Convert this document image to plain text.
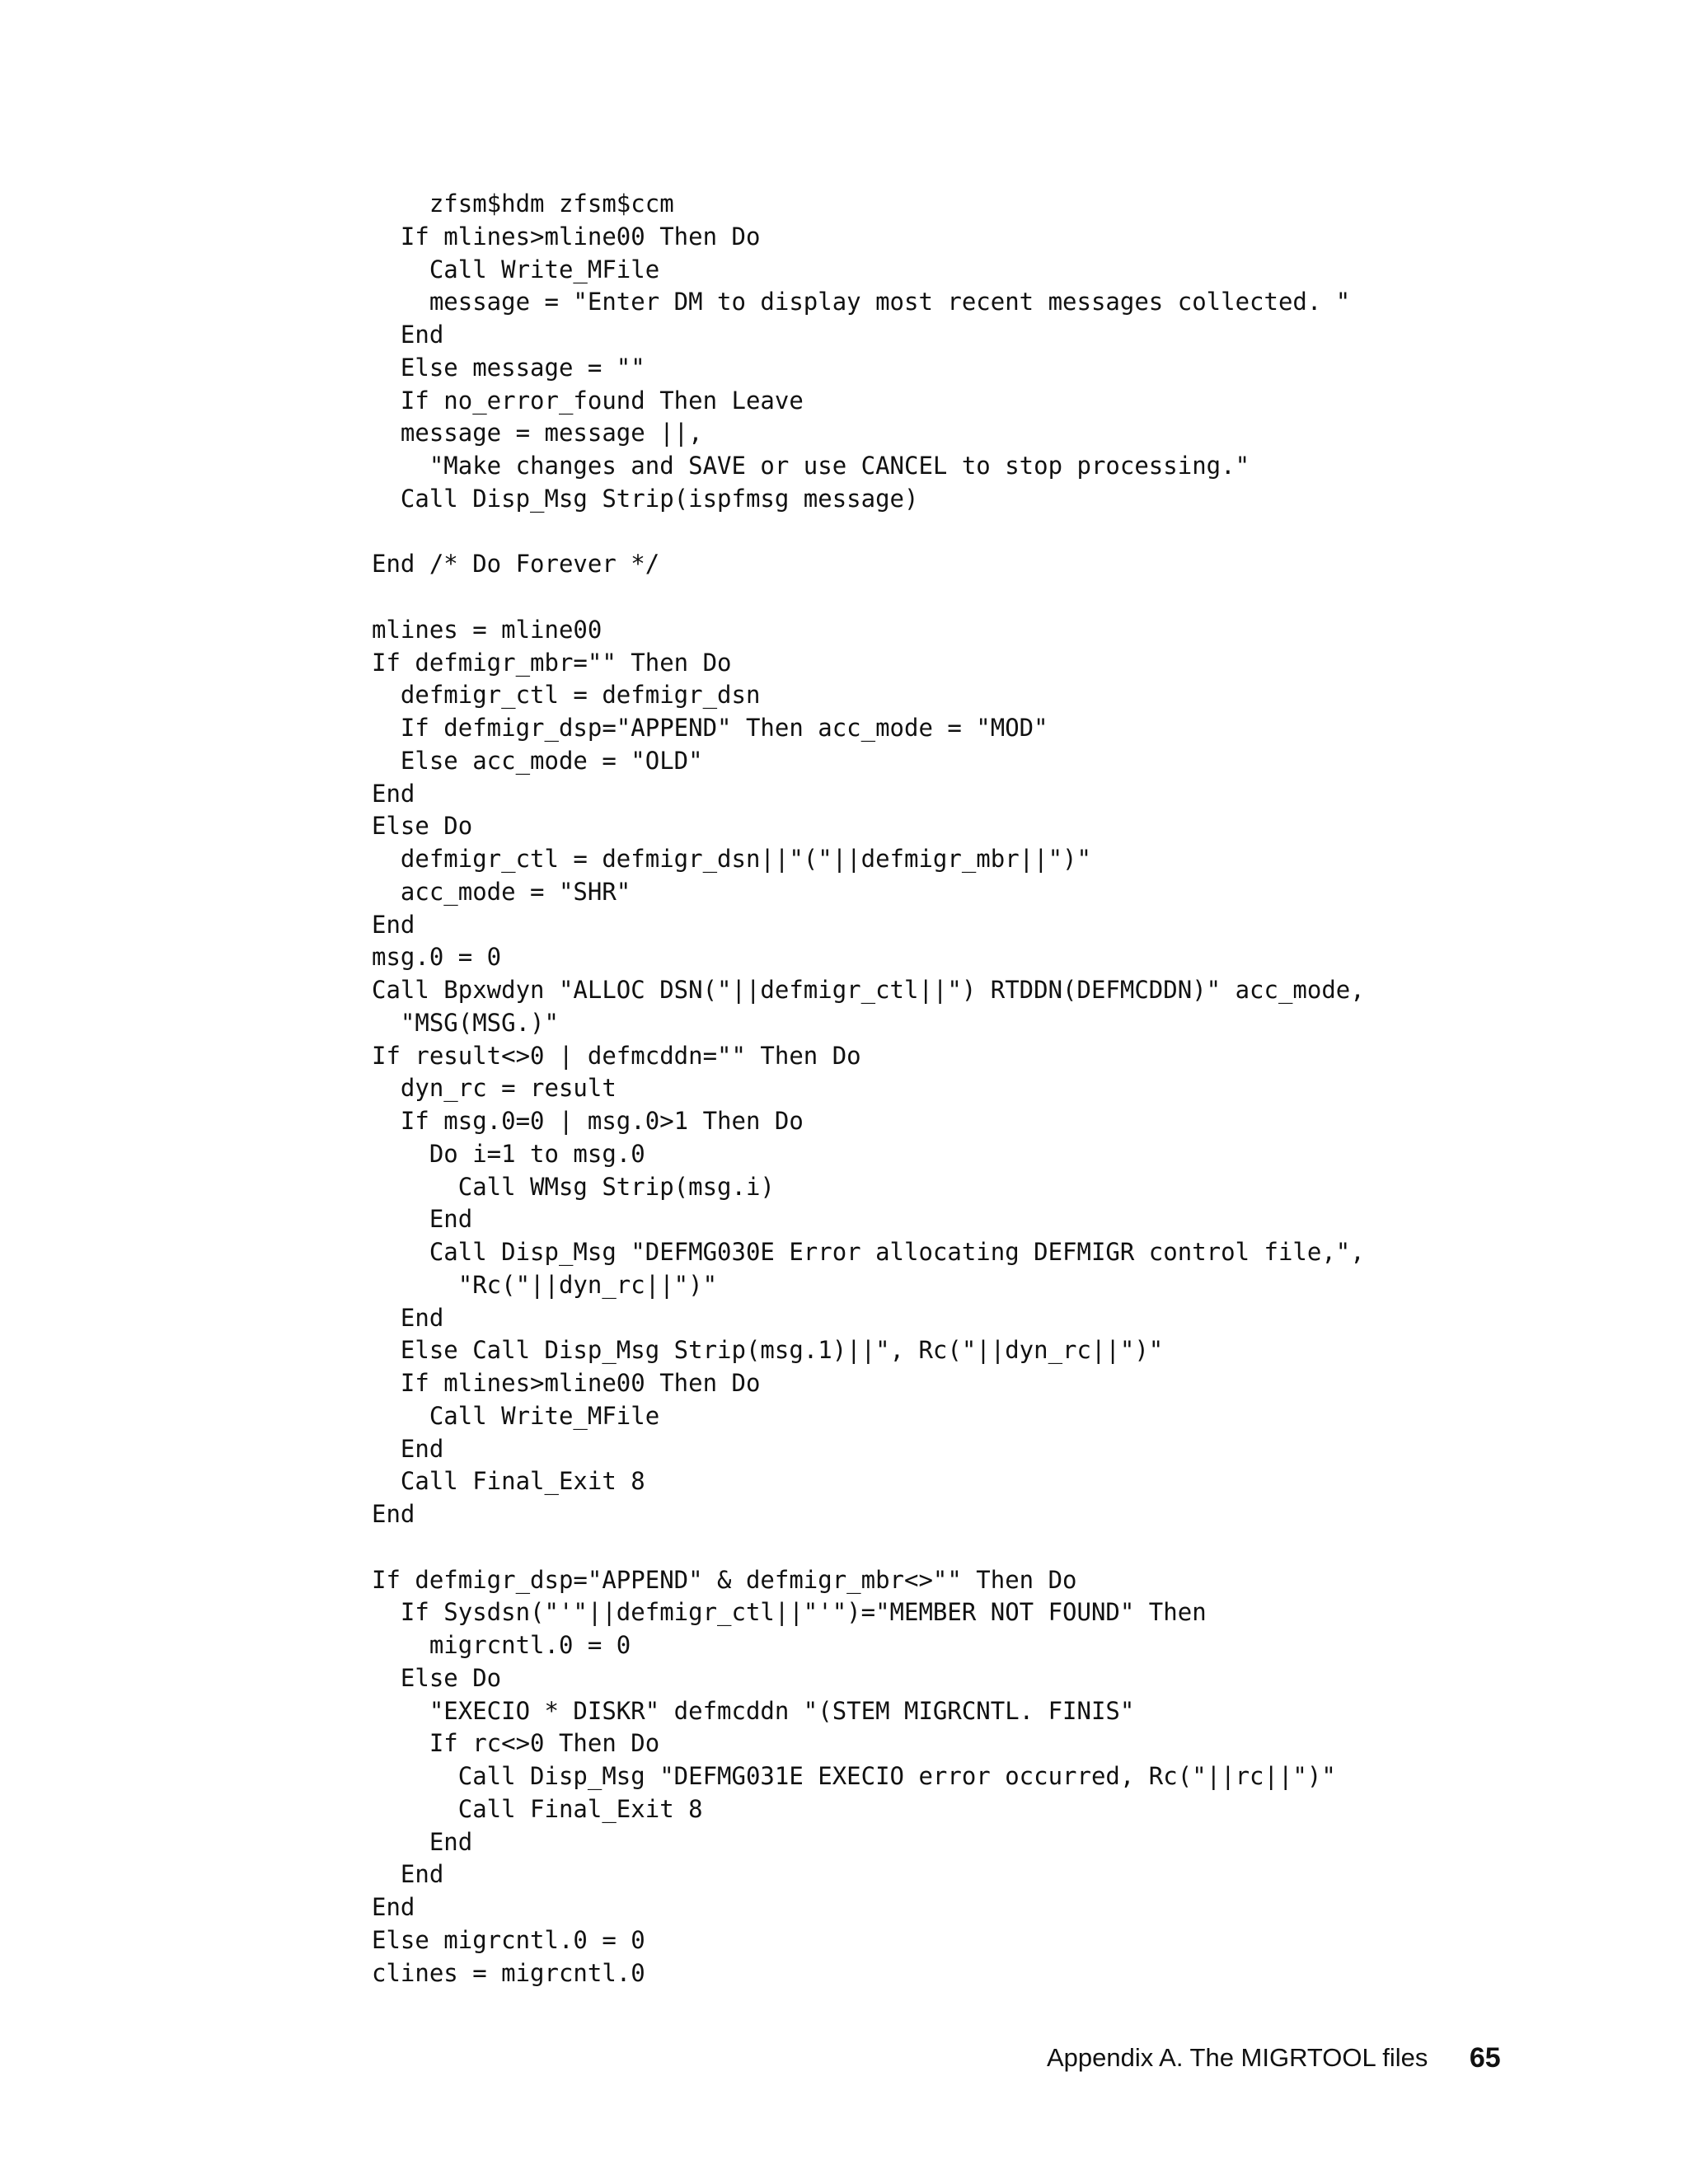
zfsm$hdm zfsm$ccm
If mlines>mline00 Then Do
Call Write_MFile
message = "Enter DM to display most recent messages collected. "
End
Else message = ""
If no_error_found Then Leave
message = message ||,
"Make changes and SAVE or use CANCEL to stop processing."
Call Disp_Msg Strip(ispfmsg message)
End /* Do Forever */
mlines = mline00
If defmigr_mbr="" Then Do
defmigr_ctl = defmigr_dsn
If defmigr_dsp="APPEND" Then acc_mode = "MOD"
Else acc_mode = "OLD"
End
Else Do
defmigr_ctl = defmigr_dsn||"("||defmigr_mbr||")"
acc_mode = "SHR"
End
msg.0 = 0
Call Bpxwdyn "ALLOC DSN("||defmigr_ctl||") RTDDN(DEFMCDDN)" acc_mode,
"MSG(MSG.)"
If result<>0 | defmcddn="" Then Do
dyn_rc = result
If msg.0=0 | msg.0>1 Then Do
Do i=1 to msg.0
Call WMsg Strip(msg.i)
End
Call Disp_Msg "DEFMG030E Error allocating DEFMIGR control file,",
"Rc("||dyn_rc||")"
End
Else Call Disp_Msg Strip(msg.1)||", Rc("||dyn_rc||")"
If mlines>mline00 Then Do
Call Write_MFile
End
Call Final_Exit 8
End
If defmigr_dsp="APPEND" & defmigr_mbr<>"" Then Do
If Sysdsn("'"||defmigr_ctl||"'")="MEMBER NOT FOUND" Then
migrcntl.0 = 0
Else Do
"EXECIO * DISKR" defmcddn "(STEM MIGRCNTL. FINIS"
If rc<>0 Then Do
Call Disp_Msg "DEFMG031E EXECIO error occurred, Rc("||rc||")"
Call Final_Exit 8
End
End
End
Else migrcntl.0 = 0
clines = migrcntl.0
Appendix A. The MIGRTOOL files 65
